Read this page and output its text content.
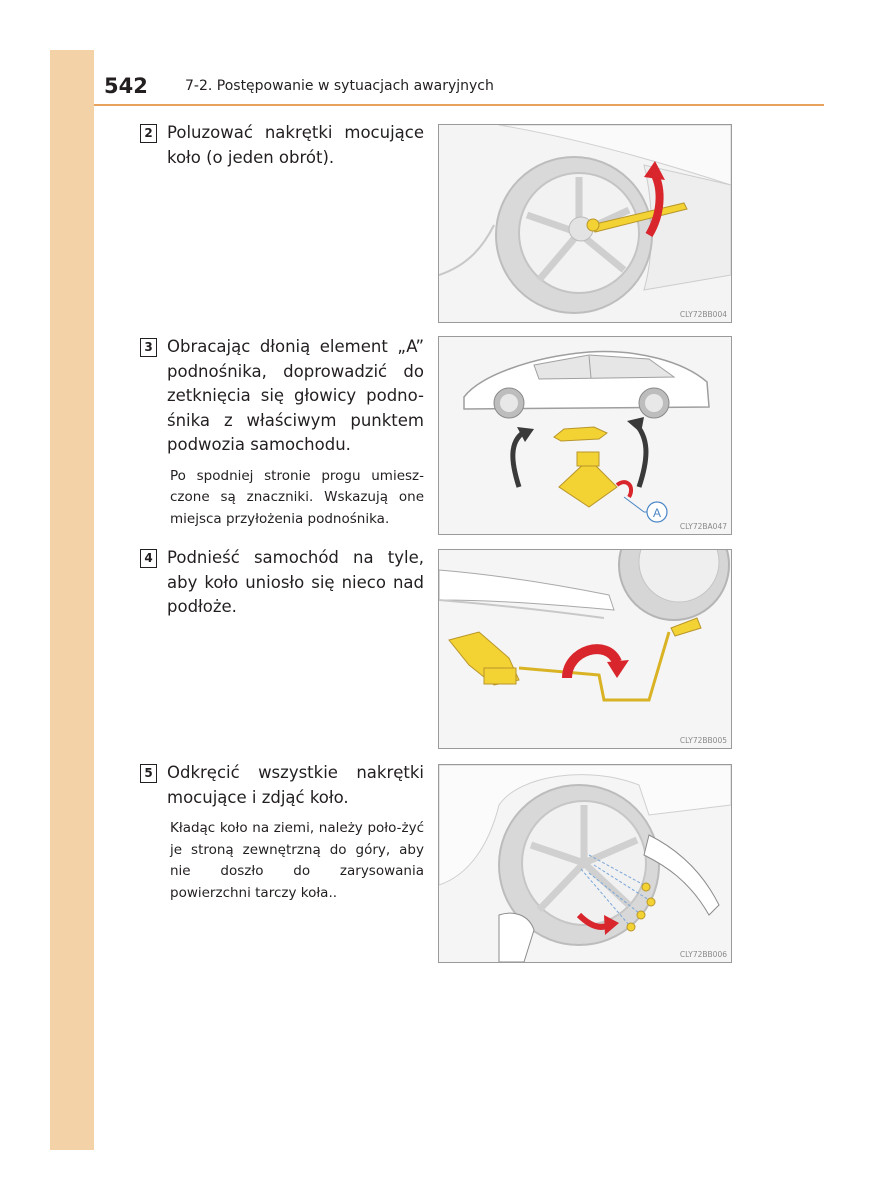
542	7-2. Postępowanie w sytuacjach awaryjnych
2 Poluzować nakrętki mocujące koło (o jeden obrót).
CLY72BB004
3 Obracając dłonią element „A” podnośnika, doprowadzić do zetknięcia się głowicy podno-śnika z właściwym punktem podwozia samochodu.
Po spodniej stronie progu umiesz-czone są znaczniki. Wskazują one miejsca przyłożenia podnośnika.	A
CLY72BA047
4 Podnieść samochód na tyle, aby koło uniosło się nieco nad podłoże.
CLY72BB005
5 Odkręcić wszystkie nakrętki mocujące i zdjąć koło.
Kładąc koło na ziemi, należy poło-żyć je stroną zewnętrzną do góry, aby nie doszło do zarysowania powierzchni tarczy koła..
CLY72BB006
